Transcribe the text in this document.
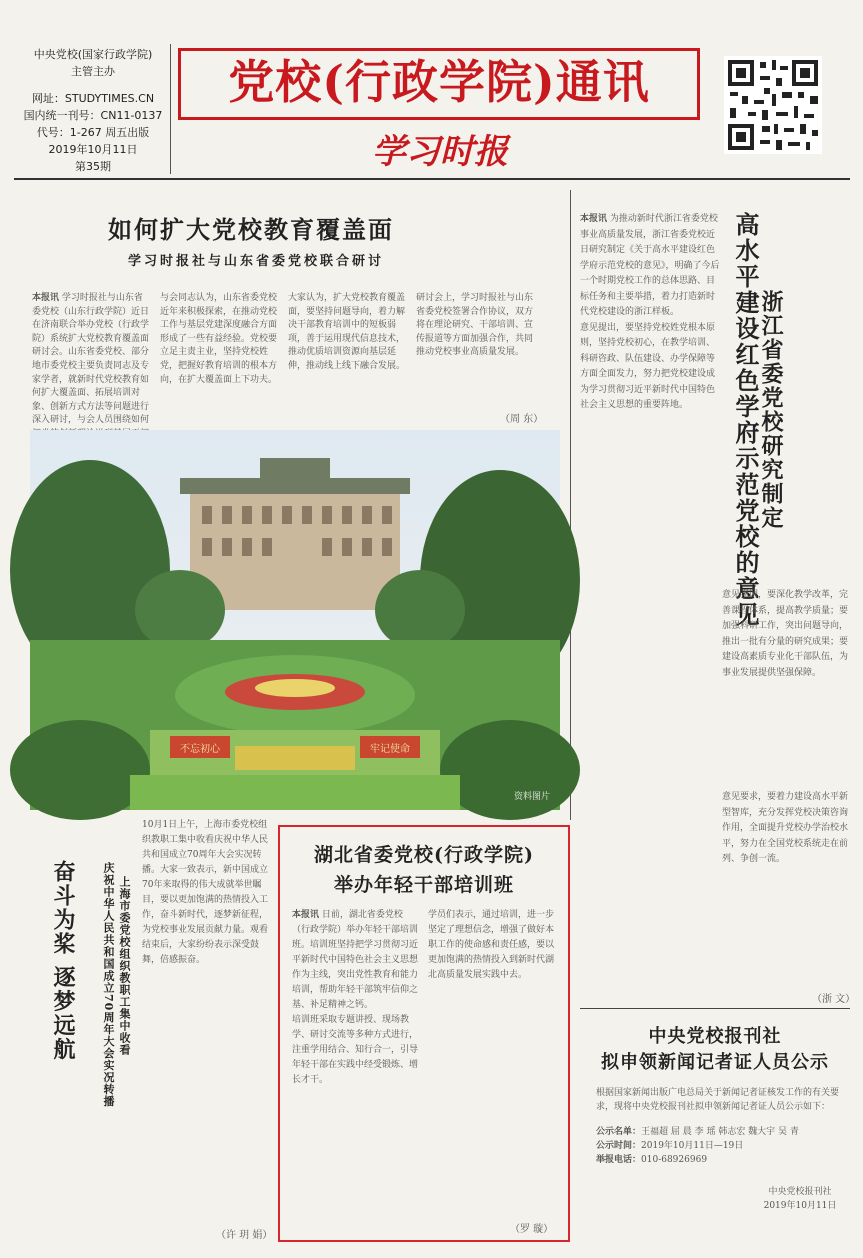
中央党校(国家行政学院)
主管主办
网址：STUDYTIMES.CN
国内统一刊号：CN11-0137
代号：1-267 周五出版
2019年10月11日
第35期
党校(行政学院)通讯
学习时报
如何扩大党校教育覆盖面
学习时报社与山东省委党校联合研讨
本报讯 学习时报社与山东省委党校（山东行政学院）近日在济南联合举办党校（行政学院）系统扩大党校教育覆盖面研讨会。山东省委党校、部分地市委党校主要负责同志及专家学者，就新时代党校教育如何扩大覆盖面、拓展培训对象、创新方式方法等问题进行深入研讨，与会人员围绕如何
与会同志认为，山东省委党校近年来积极探索，在推动党校工作与基层党建深度融合方面形成了一些有益经验。党校要立足主责主业，坚持党校姓党，把握好教育培训的根本方向，在扩大覆盖面上下功夫。
大家认为，扩大党校教育覆盖面，要坚持问题导向，着力解决干部教育培训中的短板弱项，善于运用现代信息技术，推动优质培训资源向基层延伸，推动线上线下融合发展。
研讨会上，学习时报社与山东省委党校签署合作协议，双方将在理论研究、干部培训、宣传报道等方面加强合作，共同推动党校事业高质量发展。
（周 东）
不忘初心	牢记使命
资料图片
高水平建设红色学府示范党校的意见
浙江省委党校研究制定
本报讯 为推动新时代浙江省委党校事业高质量发展，浙江省委党校近日研究制定《关于高水平建设红色学府示范党校的意见》，明确了今后一个时期党校工作的总体思路、目标任务和主要举措，着力打造新时代党校建设的浙江样板。
意见提出，要坚持党校姓党根本原则，坚持党校初心，在教学培训、科研咨政、队伍建设、办学保障等方面全面发力，努力把党校建设成为学习贯彻习近平新时代中国特色社会主义思想的重要阵地。
意见强调，要深化教学改革，完善课程体系，提高教学质量；要加强科研工作，突出问题导向，推出一批有分量的研究成果；要建设高素质专业化干部队伍，为事业发展提供坚强保障。
意见要求，要着力建设高水平新型智库，充分发挥党校决策咨询作用，全面提升党校办学治校水平，努力在全国党校系统走在前列、争创一流。
（浙 文）
奋斗为桨 逐梦远航 庆祝中华人民共和国成立70周年大会实况转播 上海市委党校组织教职工集中收看
10月1日上午，上海市委党校组织教职工集中收看庆祝中华人民共和国成立70周年大会实况转播。大家一致表示，新中国成立70年来取得的伟大成就举世瞩目，要以更加饱满的热情投入工作，奋斗新时代，逐梦新征程，为党校事业发展贡献力量。观看结束后，大家纷纷表示深受鼓舞，倍感振奋。
（许 玥 娟）
湖北省委党校(行政学院)
举办年轻干部培训班
本报讯 日前，湖北省委党校（行政学院）举办年轻干部培训班。培训班坚持把学习贯彻习近平新时代中国特色社会主义思想作为主线，突出党性教育和能力培训，帮助年轻干部筑牢信仰之基、补足精神之钙。
培训班采取专题讲授、现场教学、研讨交流等多种方式进行，注重学用结合、知行合一，引导年轻干部在实践中经受锻炼、增长才干。
学员们表示，通过培训，进一步坚定了理想信念，增强了做好本职工作的使命感和责任感，要以更加饱满的热情投入到新时代湖北高质量发展实践中去。
（罗 璇）
中央党校报刊社
拟申领新闻记者证人员公示
根据国家新闻出版广电总局关于新闻记者证核发工作的有关要求，现将中央党校报刊社拟申领新闻记者证人员公示如下：
公示名单：王福超 屈 晨 李 瑶 韩志宏 魏大宇 吴 青
公示时间：2019年10月11日—19日
举报电话：010-68926969
中央党校报刊社
2019年10月11日
